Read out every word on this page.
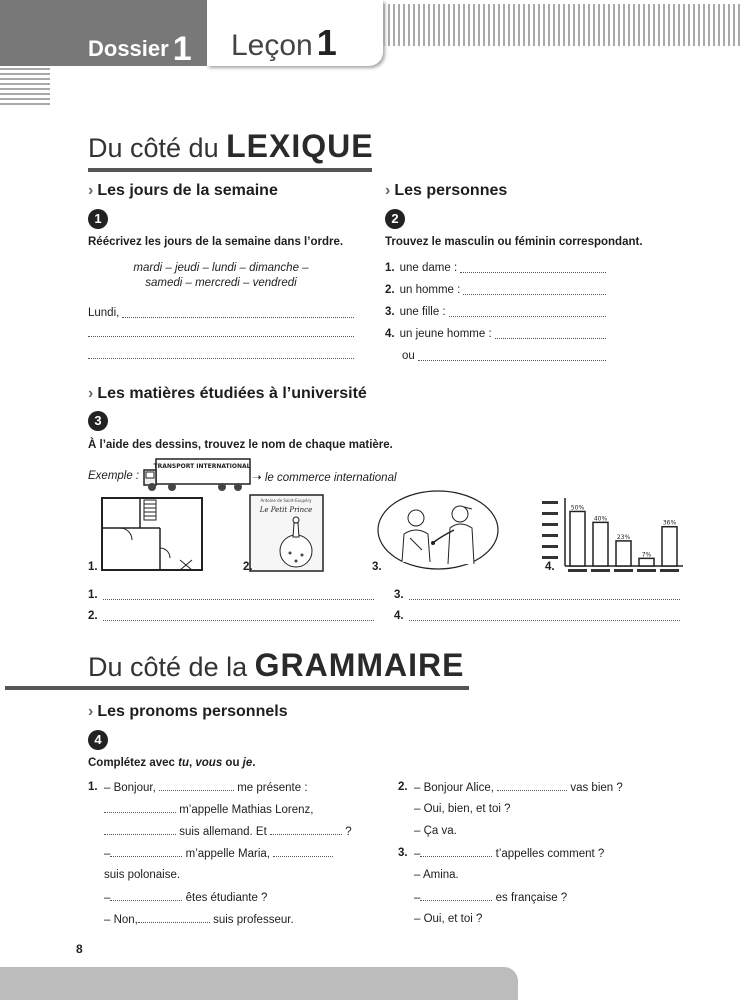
Dossier 1 Leçon 1
Du côté du LEXIQUE
› Les jours de la semaine
1
Réécrivez les jours de la semaine dans l’ordre.
mardi – jeudi – lundi – dimanche –
samedi – mercredi – vendredi
Lundi,
› Les personnes
2
Trouvez le masculin ou féminin correspondant.
1. une dame :
2. un homme :
3. une fille :
4. un jeune homme :
ou
› Les matières étudiées à l’université
3
À l’aide des dessins, trouvez le nom de chaque matière.
Exemple :
TRANSPORT INTERNATIONAL
➝ le commerce international
Antoine de Saint-Exupéry
Le Petit Prince	50%
40%
23%
7%
36%
1.	2.	3.	4.
1.
2.
3.
4.
Du côté de la GRAMMAIRE
› Les pronoms personnels
4
Complétez avec tu, vous ou je.
1. – Bonjour,	me présente :
m’appelle Mathias Lorenz,
suis allemand. Et	?
–	m’appelle Maria,
suis polonaise.
–	êtes étudiante ?
– Non,	suis professeur.
2. – Bonjour Alice,	vas bien ?
– Oui, bien, et toi ?
– Ça va.
3. –	t’appelles comment ?
– Amina.
–	es française ?
– Oui, et toi ?
8
